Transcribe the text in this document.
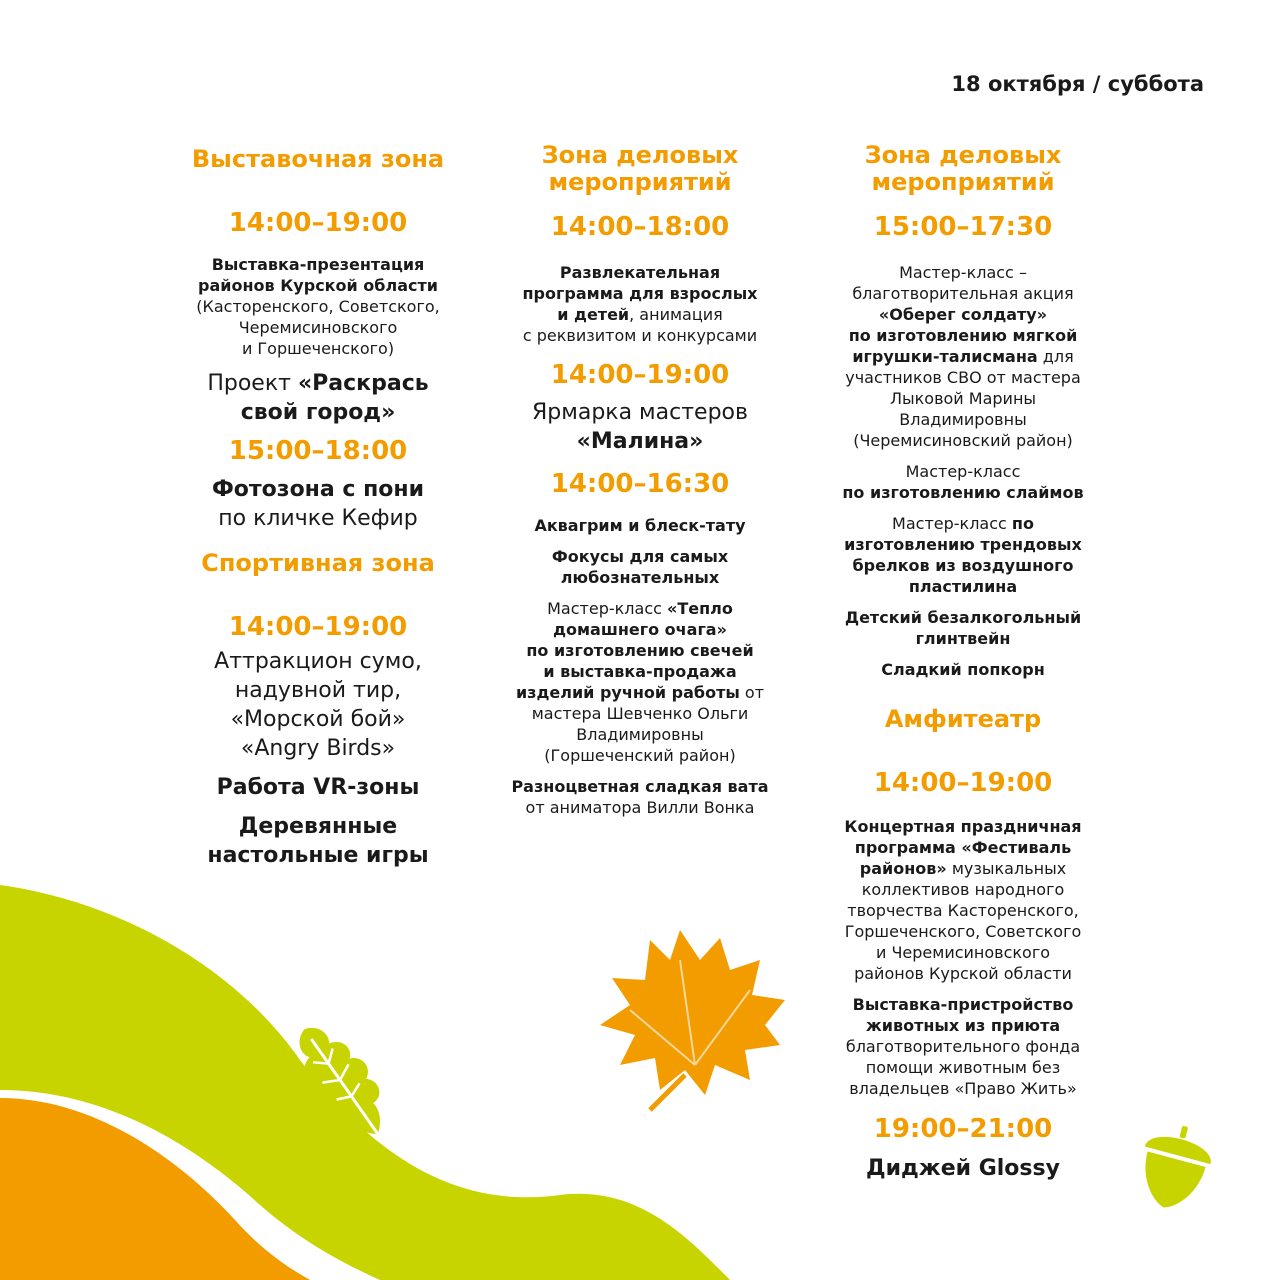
18 октября / суббота

Выставочная зона

14:00–19:00

Выставка-презентация
районов Курской области
(Касторенского, Советского,
Черемисиновского
и Горшеченского)

Проект «Раскрась
свой город»

15:00–18:00

Фотозона с пони
по кличке Кефир

Спортивная зона

14:00–19:00

Аттракцион сумо,
надувной тир,
«Морской бой»
«Angry Birds»

Работа VR-зоны

Деревянные
настольные игры

Зона деловых
мероприятий

14:00–18:00

Развлекательная
программа для взрослых
и детей, анимация
с реквизитом и конкурсами

14:00–19:00

Ярмарка мастеров
«Малина»

14:00–16:30

Аквагрим и блеск-тату

Фокусы для самых
любознательных

Мастер-класс «Тепло
домашнего очага»
по изготовлению свечей
и выставка-продажа
изделий ручной работы от
мастера Шевченко Ольги
Владимировны
(Горшеченский район)

Разноцветная сладкая вата
от аниматора Вилли Вонка

Зона деловых
мероприятий

15:00–17:30

Мастер-класс –
благотворительная акция
«Оберег солдату»
по изготовлению мягкой
игрушки-талисмана для
участников СВО от мастера
Лыковой Марины
Владимировны
(Черемисиновский район)

Мастер-класс
по изготовлению слаймов

Мастер-класс по
изготовлению трендовых
брелков из воздушного
пластилина

Детский безалкогольный
глинтвейн

Сладкий попкорн

Амфитеатр

14:00–19:00

Концертная праздничная
программа «Фестиваль
районов» музыкальных
коллективов народного
творчества Касторенского,
Горшеченского, Советского
и Черемисиновского
районов Курской области

Выставка-пристройство
животных из приюта
благотворительного фонда
помощи животным без
владельцев «Право Жить»

19:00–21:00

Диджей Glossy
